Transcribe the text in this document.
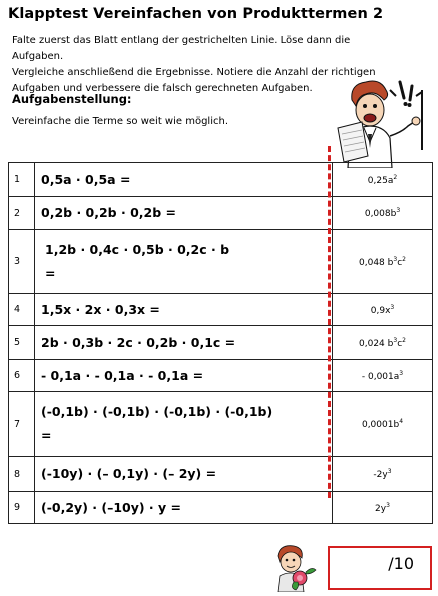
Klapptest Vereinfachen von Produkttermen 2
Falte zuerst das Blatt entlang der gestrichelten Linie. Löse dann die Aufgaben.
Vergleiche anschließend die Ergebnisse. Notiere die Anzahl der richtigen
Aufgaben und verbessere die falsch gerechneten Aufgaben.
Aufgabenstellung:
Vereinfache die Terme so weit wie möglich.
1	0,5a · 0,5a =	$0,25a^2$
2	0,2b · 0,2b · 0,2b =	$0,008b^3$
3	1,2b · 0,4c · 0,5b · 0,2c · b
=	0,048 $b^3c^2$
4	1,5x · 2x · 0,3x =	$0,9x^3$
5	2b · 0,3b · 2c · 0,2b · 0,1c =	0,024 $b^3c^2$
6	- 0,1a · - 0,1a · - 0,1a =	- $0,001a^3$
7	(-0,1b) · (-0,1b) · (-0,1b) · (-0,1b)
=	$0,0001b^4$
8	(-10y) · (– 0,1y) · (– 2y) =	$-2y^3$
9	(-0,2y) · (–10y) · y =	$2y^3$
/10
